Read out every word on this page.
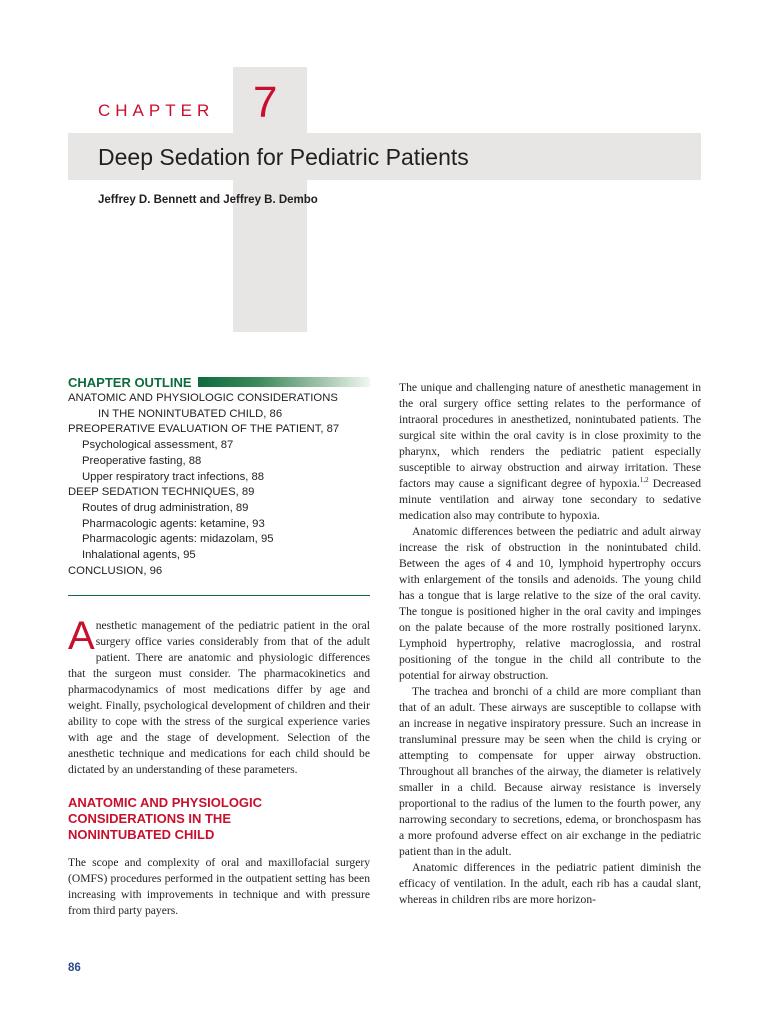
CHAPTER 7

Deep Sedation for Pediatric Patients

Jeffrey D. Bennett and Jeffrey B. Dembo

CHAPTER OUTLINE
ANATOMIC AND PHYSIOLOGIC CONSIDERATIONS
IN THE NONINTUBATED CHILD, 86
PREOPERATIVE EVALUATION OF THE PATIENT, 87
Psychological assessment, 87
Preoperative fasting, 88
Upper respiratory tract infections, 88
DEEP SEDATION TECHNIQUES, 89
Routes of drug administration, 89
Pharmacologic agents: ketamine, 93
Pharmacologic agents: midazolam, 95
Inhalational agents, 95
CONCLUSION, 96

Anesthetic management of the pediatric patient in the oral surgery office varies considerably from that of the adult patient. There are anatomic and physiologic differences that the surgeon must consider. The pharmacokinetics and pharmacodynamics of most medications differ by age and weight. Finally, psychological development of children and their ability to cope with the stress of the surgical experience varies with age and the stage of development. Selection of the anesthetic technique and medications for each child should be dictated by an understanding of these parameters.

ANATOMIC AND PHYSIOLOGIC
CONSIDERATIONS IN THE
NONINTUBATED CHILD

The scope and complexity of oral and maxillofacial surgery (OMFS) procedures performed in the outpatient setting has been increasing with improvements in technique and with pressure from third party payers.

The unique and challenging nature of anesthetic management in the oral surgery office setting relates to the performance of intraoral procedures in anesthetized, nonintubated patients. The surgical site within the oral cavity is in close proximity to the pharynx, which renders the pediatric patient especially susceptible to airway obstruction and airway irritation. These factors may cause a significant degree of hypoxia.$^{1,2}$ Decreased minute ventilation and airway tone secondary to sedative medication also may contribute to hypoxia.

Anatomic differences between the pediatric and adult airway increase the risk of obstruction in the nonintubated child. Between the ages of 4 and 10, lymphoid hypertrophy occurs with enlargement of the tonsils and adenoids. The young child has a tongue that is large relative to the size of the oral cavity. The tongue is positioned higher in the oral cavity and impinges on the palate because of the more rostrally positioned larynx. Lymphoid hypertrophy, relative macroglossia, and rostral positioning of the tongue in the child all contribute to the potential for airway obstruction.

The trachea and bronchi of a child are more compliant than that of an adult. These airways are susceptible to collapse with an increase in negative inspiratory pressure. Such an increase in transluminal pressure may be seen when the child is crying or attempting to compensate for upper airway obstruction. Throughout all branches of the airway, the diameter is relatively smaller in a child. Because airway resistance is inversely proportional to the radius of the lumen to the fourth power, any narrowing secondary to secretions, edema, or bronchospasm has a more profound adverse effect on air exchange in the pediatric patient than in the adult.

Anatomic differences in the pediatric patient diminish the efficacy of ventilation. In the adult, each rib has a caudal slant, whereas in children ribs are more horizon-

86
